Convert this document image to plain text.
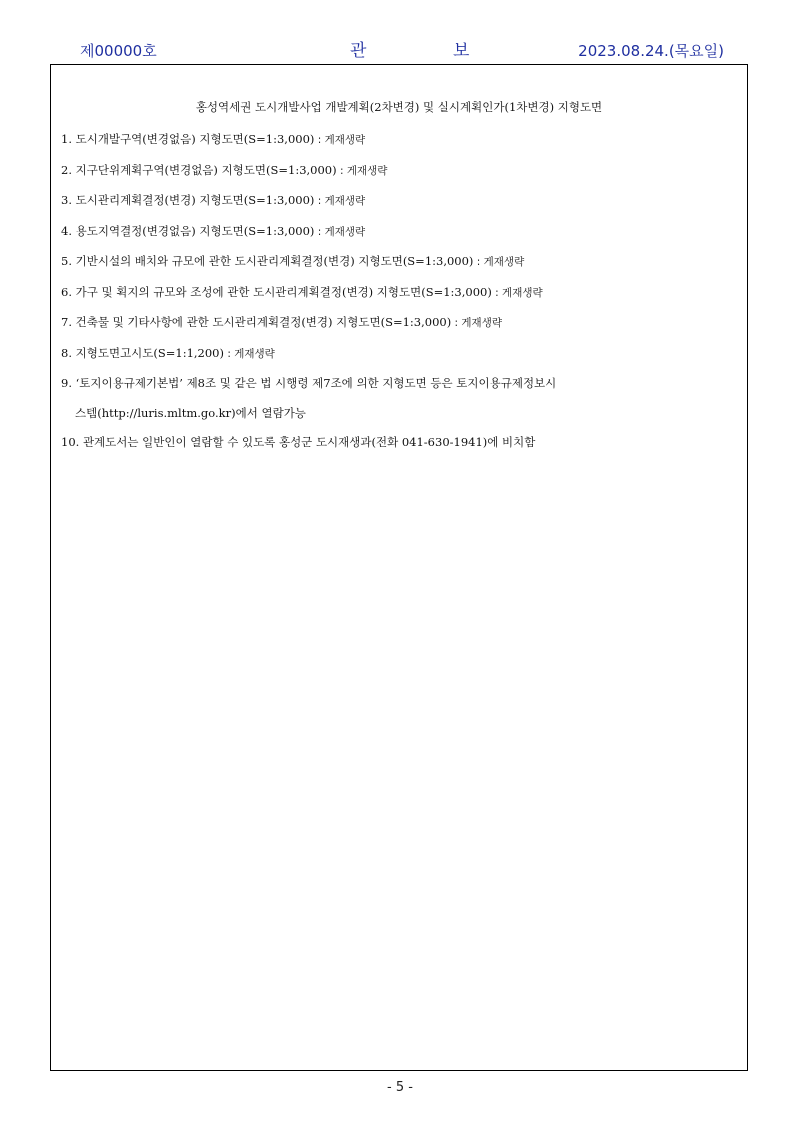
제00000호	관	보	2023.08.24.(목요일)
홍성역세권 도시개발사업 개발계획(2차변경) 및 실시계획인가(1차변경) 지형도면
1. 도시개발구역(변경없음) 지형도면(S=1:3,000) : 게재생략
2. 지구단위계획구역(변경없음) 지형도면(S=1:3,000) : 게재생략
3. 도시관리계획결정(변경) 지형도면(S=1:3,000) : 게재생략
4. 용도지역결정(변경없음) 지형도면(S=1:3,000) : 게재생략
5. 기반시설의 배치와 규모에 관한 도시관리계획결정(변경) 지형도면(S=1:3,000) : 게재생략
6. 가구 및 획지의 규모와 조성에 관한 도시관리계획결정(변경) 지형도면(S=1:3,000) : 게재생략
7. 건축물 및 기타사항에 관한 도시관리계획결정(변경) 지형도면(S=1:3,000) : 게재생략
8. 지형도면고시도(S=1:1,200) : 게재생략
9. ‘토지이용규제기본법’ 제8조 및 같은 법 시행령 제7조에 의한 지형도면 등은 토지이용규제정보시
스템(http://luris.mltm.go.kr)에서 열람가능
10. 관계도서는 일반인이 열람할 수 있도록 홍성군 도시재생과(전화 041-630-1941)에 비치함
- 5 -
